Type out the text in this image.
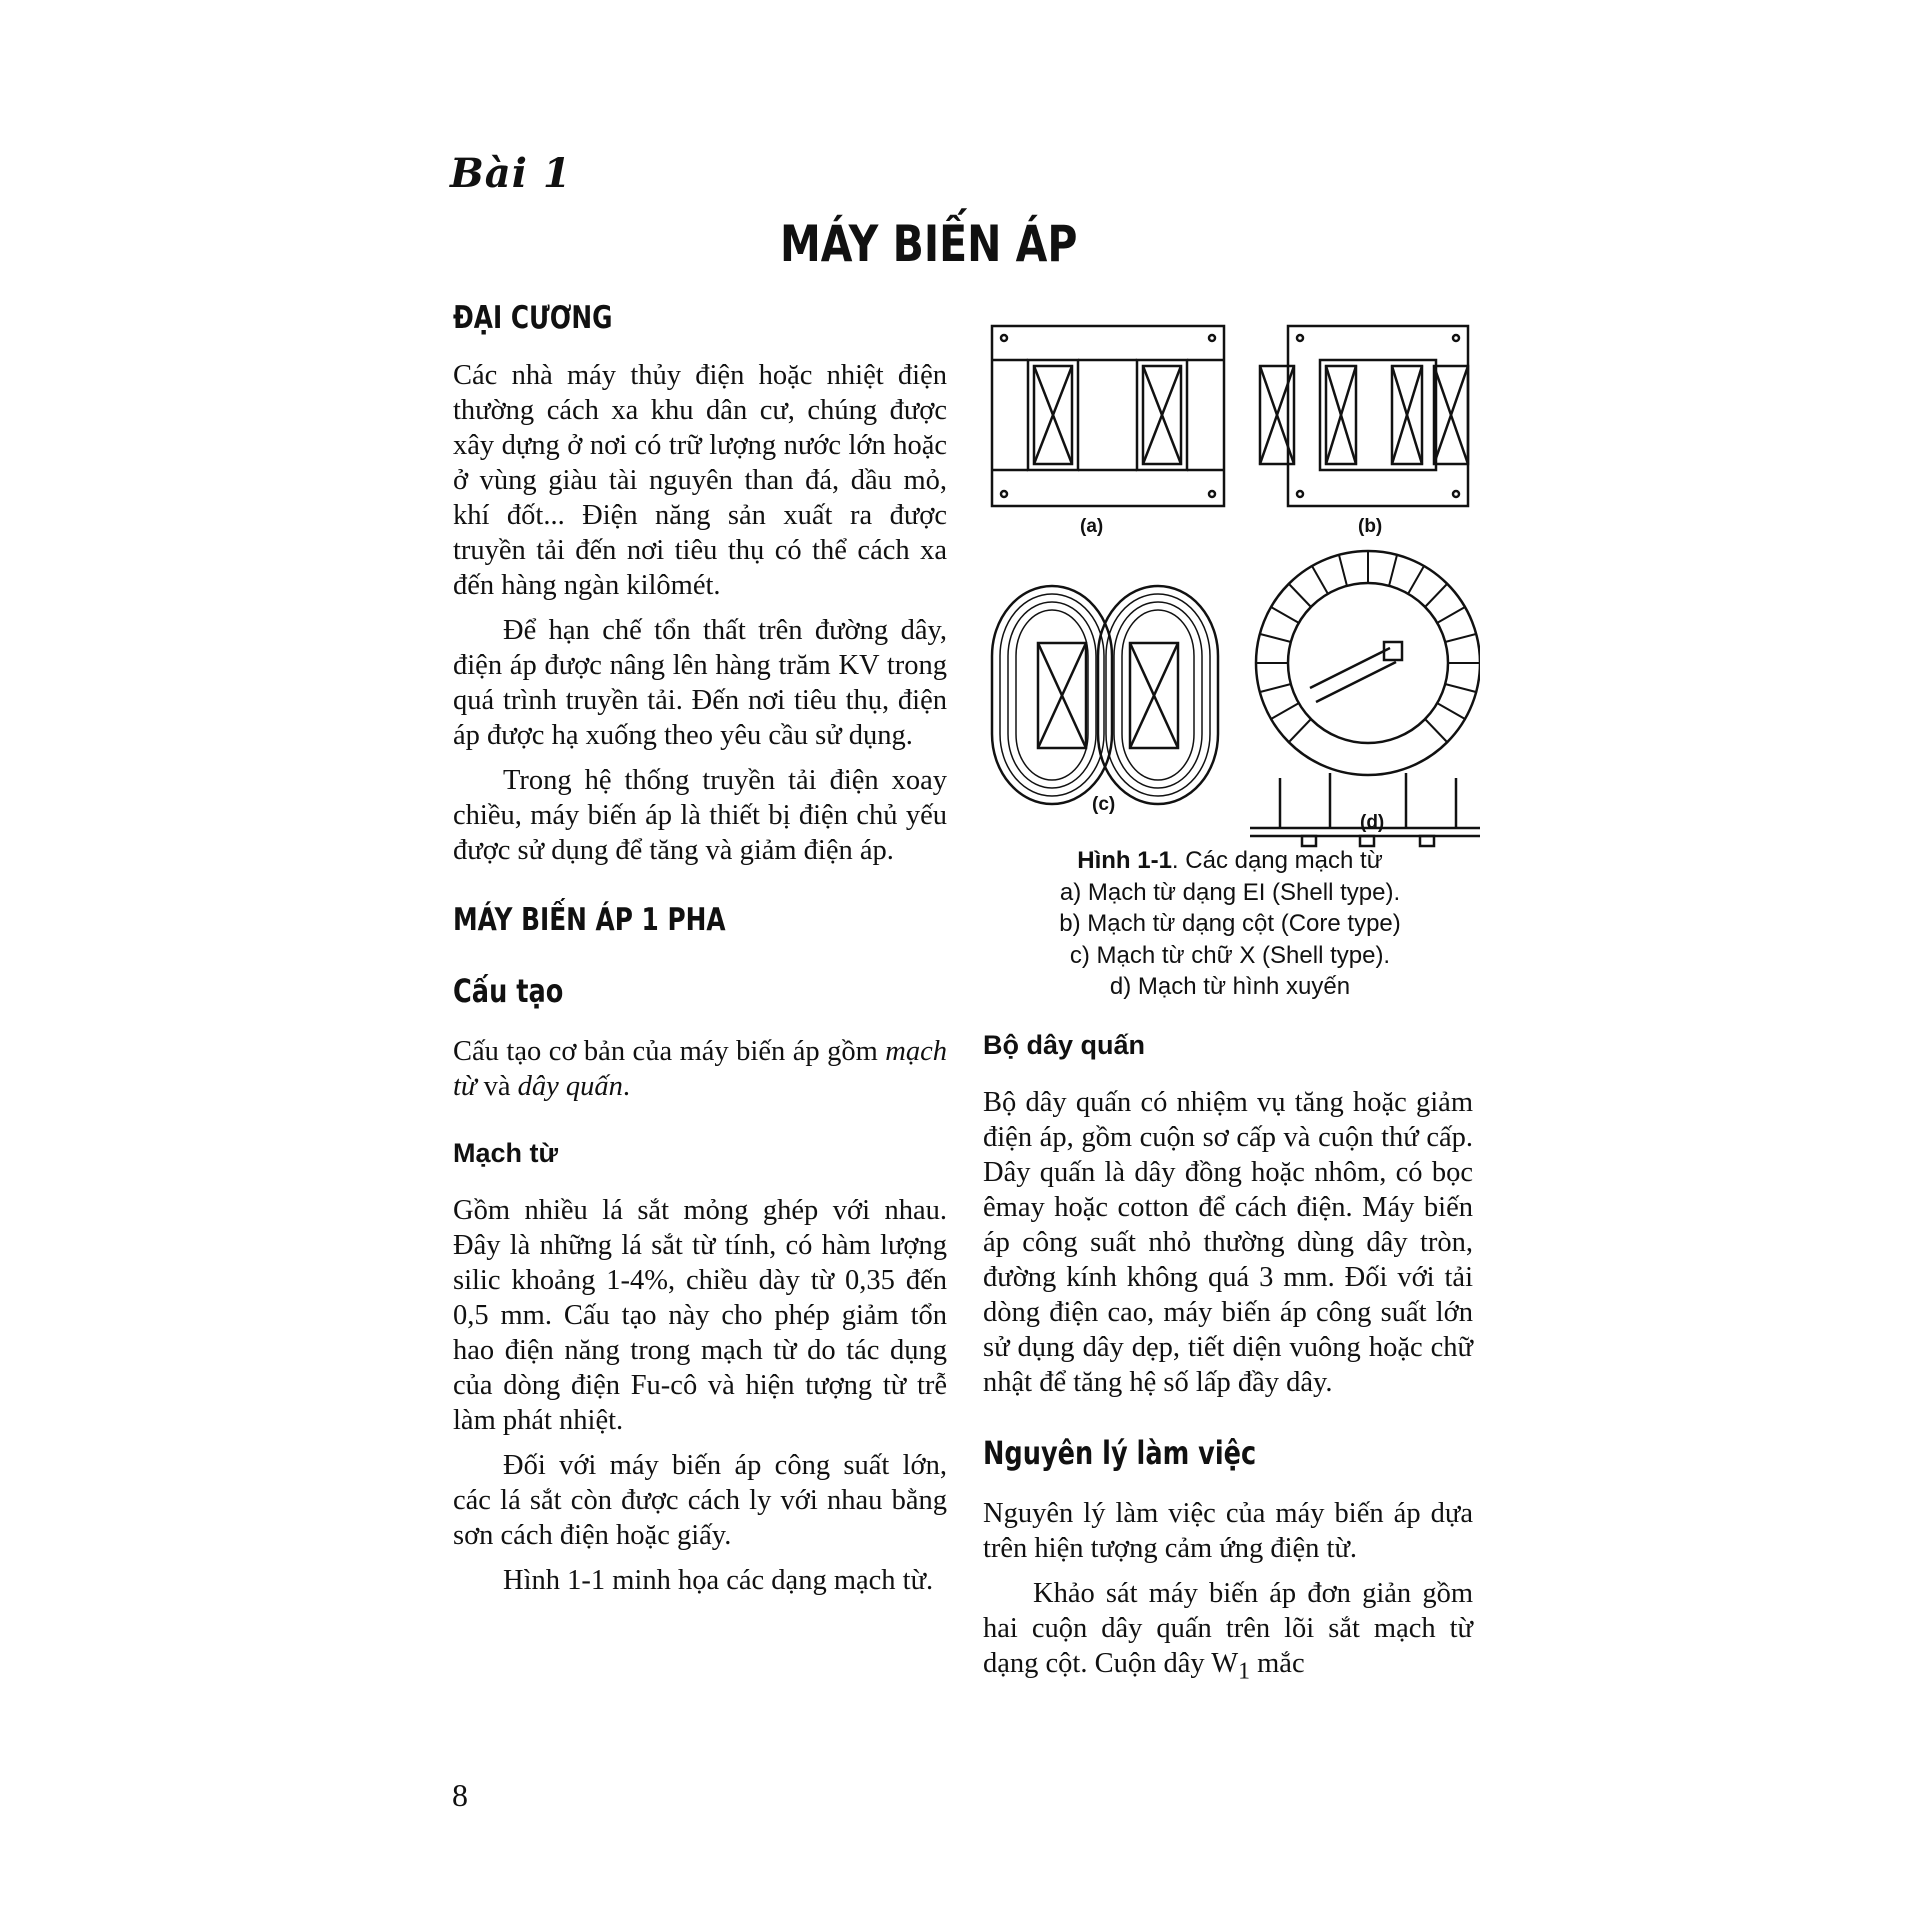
Bài 1
MÁY BIẾN ÁP
ĐẠI CƯƠNG

Các nhà máy thủy điện hoặc nhiệt điện thường cách xa khu dân cư, chúng được xây dựng ở nơi có trữ lượng nước lớn hoặc ở vùng giàu tài nguyên than đá, dầu mỏ, khí đốt... Điện năng sản xuất ra được truyền tải đến nơi tiêu thụ có thể cách xa đến hàng ngàn kilômét.

Để hạn chế tổn thất trên đường dây, điện áp được nâng lên hàng trăm KV trong quá trình truyền tải. Đến nơi tiêu thụ, điện áp được hạ xuống theo yêu cầu sử dụng.

Trong hệ thống truyền tải điện xoay chiều, máy biến áp là thiết bị điện chủ yếu được sử dụng để tăng và giảm điện áp.

MÁY BIẾN ÁP 1 PHA
Cấu tạo

Cấu tạo cơ bản của máy biến áp gồm mạch từ và dây quấn.

Mạch từ

Gồm nhiều lá sắt mỏng ghép với nhau. Đây là những lá sắt từ tính, có hàm lượng silic khoảng 1-4%, chiều dày từ 0,35 đến 0,5 mm. Cấu tạo này cho phép giảm tổn hao điện năng trong mạch từ do tác dụng của dòng điện Fu-cô và hiện tượng từ trễ làm phát nhiệt.

Đối với máy biến áp công suất lớn, các lá sắt còn được cách ly với nhau bằng sơn cách điện hoặc giấy.

Hình 1-1 minh họa các dạng mạch từ.

(a)	(b)
(c)
(d)
Hình 1-1. Các dạng mạch từ
a) Mạch từ dạng EI (Shell type).
b) Mạch từ dạng cột (Core type)
c) Mạch từ chữ X (Shell type).
d) Mạch từ hình xuyến
Bộ dây quấn

Bộ dây quấn có nhiệm vụ tăng hoặc giảm điện áp, gồm cuộn sơ cấp và cuộn thứ cấp. Dây quấn là dây đồng hoặc nhôm, có bọc êmay hoặc cotton để cách điện. Máy biến áp công suất nhỏ thường dùng dây tròn, đường kính không quá 3 mm. Đối với tải dòng điện cao, máy biến áp công suất lớn sử dụng dây dẹp, tiết diện vuông hoặc chữ nhật để tăng hệ số lấp đầy dây.

Nguyên lý làm việc

Nguyên lý làm việc của máy biến áp dựa trên hiện tượng cảm ứng điện từ.

Khảo sát máy biến áp đơn giản gồm hai cuộn dây quấn trên lõi sắt mạch từ dạng cột. Cuộn dây $W_1$ mắc

8
